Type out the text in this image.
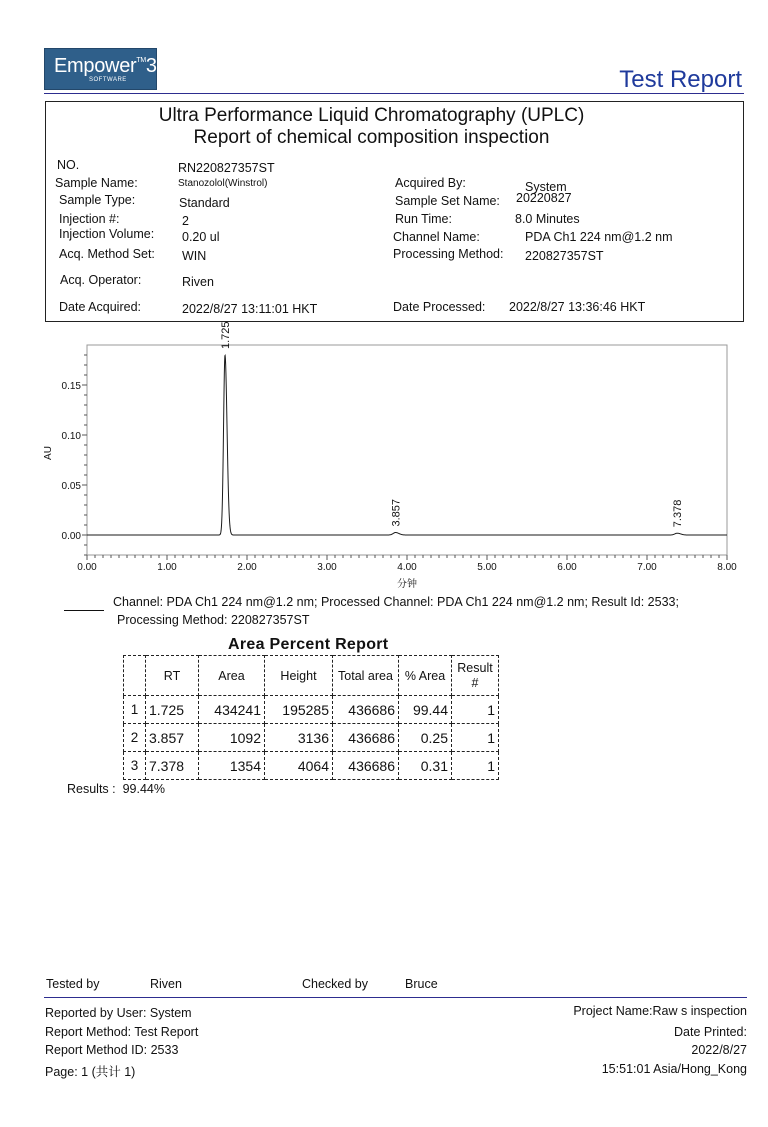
Empower™3
SOFTWARE	Test Report
Ultra Performance Liquid Chromatography (UPLC)
Report of chemical composition inspection
NO.	RN220827357ST
Sample Name:	Stanozolol(Winstrol)
Sample Type:	Standard
Injection #:	2
Injection Volume: 0.20 ul
Acq. Method Set: WIN
Acq. Operator:	Riven
Date Acquired:	2022/8/27 13:11:01 HKT
Acquired By:	System
Sample Set Name: 20220827
Run Time:	8.0 Minutes
Channel Name:	PDA Ch1 224 nm@1.2 nm
Processing Method: 220827357ST
Date Processed: 2022/8/27 13:36:46 HKT
0.00
0.05
0.10
0.15
0.00	1.00	2.00	3.00	4.00	5.00	6.00	7.00	8.00
1.725
3.857	7.378
AU
分钟
Channel: PDA Ch1 224 nm@1.2 nm; Processed Channel: PDA Ch1 224 nm@1.2 nm; Result Id: 2533;
Processing Method: 220827357ST
Area Percent Report
	RT	Area	Height	Total area	% Area	Result #
1	1.725	434241	195285	436686	99.44	1
2	3.857	1092	3136	436686	0.25	1
3	7.378	1354	4064	436686	0.31	1
Results : 99.44%
Tested by	Riven	Checked by	Bruce
Reported by User: System
Report Method: Test Report
Report Method ID: 2533
Page: 1 (共计 1)
Project Name:Raw s inspection
Date Printed:
2022/8/27
15:51:01 Asia/Hong_Kong
